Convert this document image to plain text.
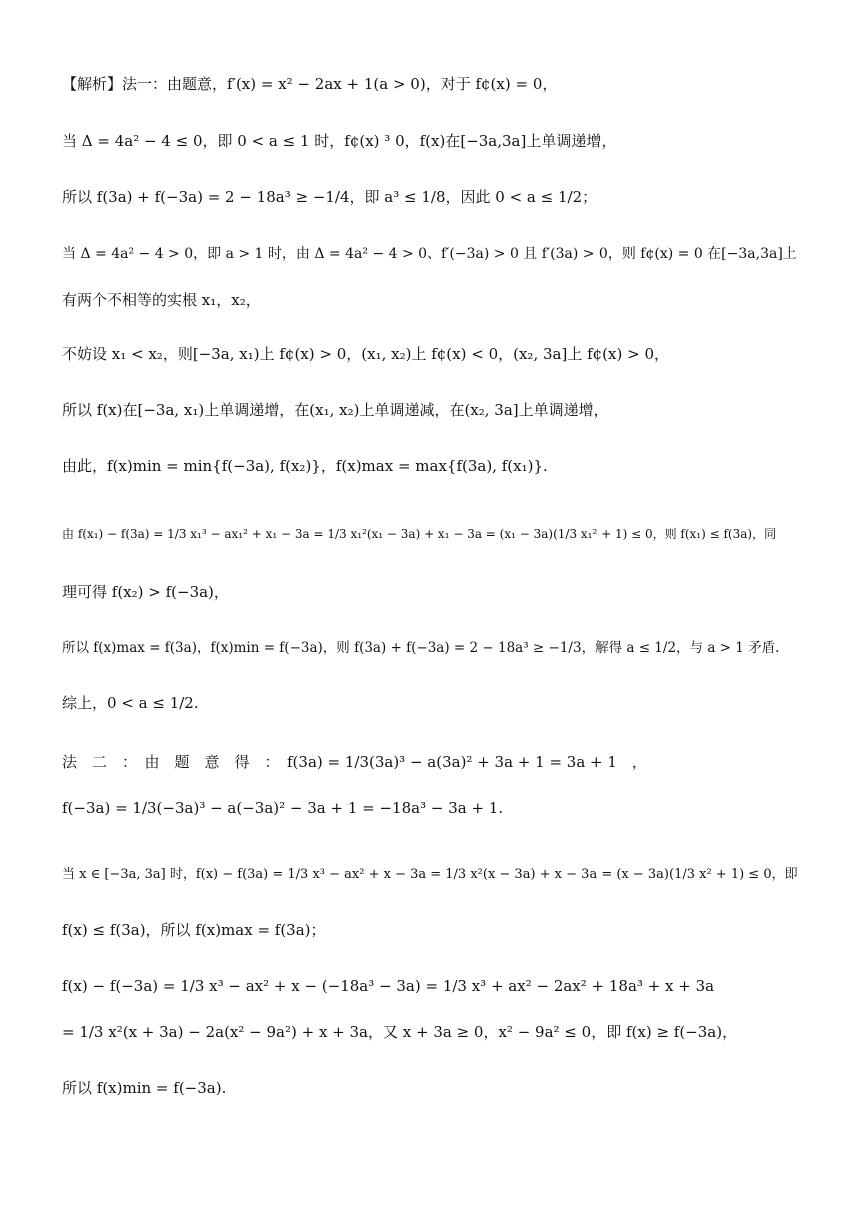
【解析】法一：由题意，f′(x) = x² − 2ax + 1(a > 0)，对于 f¢(x) = 0，
当 Δ = 4a² − 4 ≤ 0，即 0 < a ≤ 1 时，f¢(x) ³ 0，f(x)在[−3a,3a]上单调递增，
所以 f(3a) + f(−3a) = 2 − 18a³ ≥ −1/4，即 a³ ≤ 1/8，因此 0 < a ≤ 1/2；
当 Δ = 4a² − 4 > 0，即 a > 1 时，由 Δ = 4a² − 4 > 0、f′(−3a) > 0 且 f′(3a) > 0，则 f¢(x) = 0 在[−3a,3a]上
有两个不相等的实根 x₁，x₂，
不妨设 x₁ < x₂，则[−3a, x₁)上 f¢(x) > 0，(x₁, x₂)上 f¢(x) < 0，(x₂, 3a]上 f¢(x) > 0，
所以 f(x)在[−3a, x₁)上单调递增，在(x₁, x₂)上单调递减，在(x₂, 3a]上单调递增，
由此，f(x)min = min{f(−3a), f(x₂)}，f(x)max = max{f(3a), f(x₁)}.
由 f(x₁) − f(3a) = 1/3 x₁³ − ax₁² + x₁ − 3a = 1/3 x₁²(x₁ − 3a) + x₁ − 3a = (x₁ − 3a)(1/3 x₁² + 1) ≤ 0，则 f(x₁) ≤ f(3a)，同
理可得 f(x₂) > f(−3a)，
所以 f(x)max = f(3a)，f(x)min = f(−3a)，则 f(3a) + f(−3a) = 2 − 18a³ ≥ −1/3，解得 a ≤ 1/2，与 a > 1 矛盾.
综上，0 < a ≤ 1/2.
法　二　：　由　题　意　得　：　f(3a) = 1/3(3a)³ − a(3a)² + 3a + 1 = 3a + 1　，
f(−3a) = 1/3(−3a)³ − a(−3a)² − 3a + 1 = −18a³ − 3a + 1.
当 x ∈ [−3a, 3a] 时，f(x) − f(3a) = 1/3 x³ − ax² + x − 3a = 1/3 x²(x − 3a) + x − 3a = (x − 3a)(1/3 x² + 1) ≤ 0，即
f(x) ≤ f(3a)，所以 f(x)max = f(3a)；
f(x) − f(−3a) = 1/3 x³ − ax² + x − (−18a³ − 3a) = 1/3 x³ + ax² − 2ax² + 18a³ + x + 3a
= 1/3 x²(x + 3a) − 2a(x² − 9a²) + x + 3a，又 x + 3a ≥ 0，x² − 9a² ≤ 0，即 f(x) ≥ f(−3a)，
所以 f(x)min = f(−3a).
